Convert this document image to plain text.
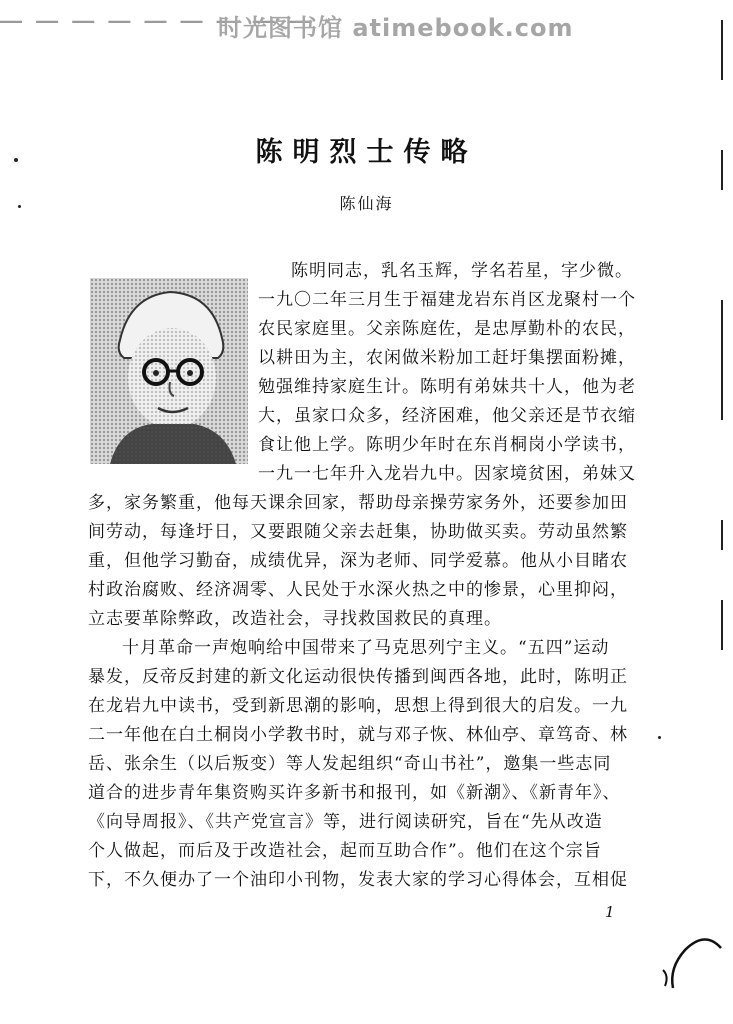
— — — — — — — — —
时光图书馆 atimebook.com
陈明烈士传略
陈仙海
陈明同志，乳名玉辉，学名若星，字少微。
一九〇二年三月生于福建龙岩东肖区龙聚村一个
农民家庭里。父亲陈庭佐，是忠厚勤朴的农民，
以耕田为主，农闲做米粉加工赶圩集摆面粉摊，
勉强维持家庭生计。陈明有弟妹共十人，他为老
大，虽家口众多，经济困难，他父亲还是节衣缩
食让他上学。陈明少年时在东肖桐岗小学读书，
一九一七年升入龙岩九中。因家境贫困，弟妹又
多，家务繁重，他每天课余回家，帮助母亲操劳家务外，还要参加田
间劳动，每逢圩日，又要跟随父亲去赶集，协助做买卖。劳动虽然繁
重，但他学习勤奋，成绩优异，深为老师、同学爱慕。他从小目睹农
村政治腐败、经济凋零、人民处于水深火热之中的惨景，心里抑闷，
立志要革除弊政，改造社会，寻找救国救民的真理。
十月革命一声炮响给中国带来了马克思列宁主义。“五四”运动
暴发，反帝反封建的新文化运动很快传播到闽西各地，此时，陈明正
在龙岩九中读书，受到新思潮的影响，思想上得到很大的启发。一九
二一年他在白土桐岗小学教书时，就与邓子恢、林仙亭、章笃奇、林
岳、张余生（以后叛变）等人发起组织“奇山书社”，邀集一些志同
道合的进步青年集资购买许多新书和报刊，如《新潮》、《新青年》、
《向导周报》、《共产党宣言》等，进行阅读研究，旨在“先从改造
个人做起，而后及于改造社会，起而互助合作”。他们在这个宗旨
下，不久便办了一个油印小刊物，发表大家的学习心得体会，互相促
1
